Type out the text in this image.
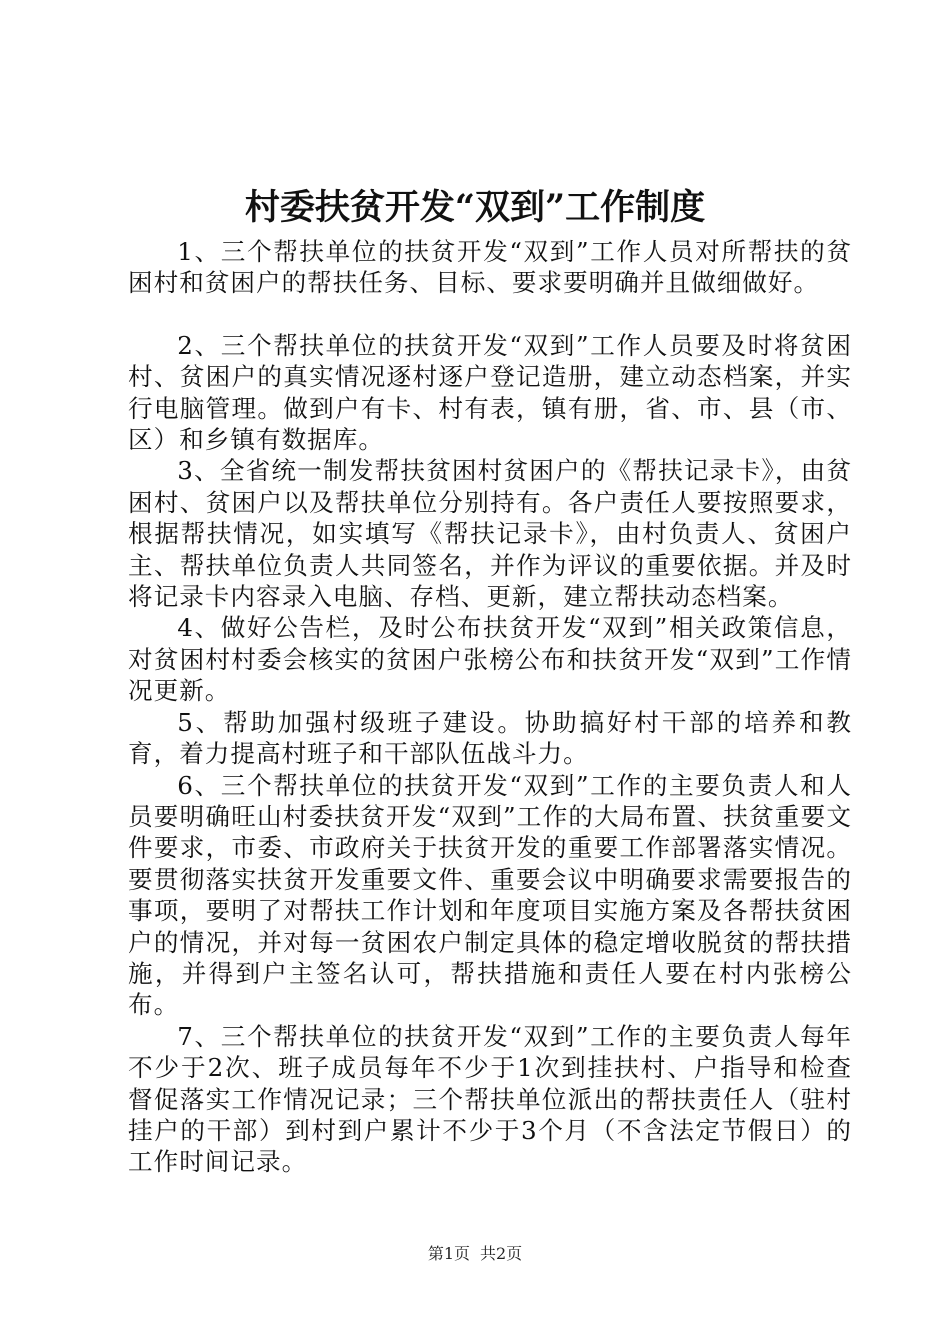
村委扶贫开发“双到”工作制度

1、三个帮扶单位的扶贫开发“双到”工作人员对所帮扶的贫困村和贫困户的帮扶任务、目标、要求要明确并且做细做好。

2、三个帮扶单位的扶贫开发“双到”工作人员要及时将贫困村、贫困户的真实情况逐村逐户登记造册，建立动态档案，并实行电脑管理。做到户有卡、村有表，镇有册，省、市、县（市、区）和乡镇有数据库。

3、全省统一制发帮扶贫困村贫困户的《帮扶记录卡》，由贫困村、贫困户以及帮扶单位分别持有。各户责任人要按照要求，根据帮扶情况，如实填写《帮扶记录卡》，由村负责人、贫困户主、帮扶单位负责人共同签名，并作为评议的重要依据。并及时将记录卡内容录入电脑、存档、更新，建立帮扶动态档案。

4、做好公告栏，及时公布扶贫开发“双到”相关政策信息，对贫困村村委会核实的贫困户张榜公布和扶贫开发“双到”工作情况更新。

5、帮助加强村级班子建设。协助搞好村干部的培养和教育，着力提高村班子和干部队伍战斗力。

6、三个帮扶单位的扶贫开发“双到”工作的主要负责人和人员要明确旺山村委扶贫开发“双到”工作的大局布置、扶贫重要文件要求，市委、市政府关于扶贫开发的重要工作部署落实情况。要贯彻落实扶贫开发重要文件、重要会议中明确要求需要报告的事项，要明了对帮扶工作计划和年度项目实施方案及各帮扶贫困户的情况，并对每一贫困农户制定具体的稳定增收脱贫的帮扶措施，并得到户主签名认可，帮扶措施和责任人要在村内张榜公布。

7、三个帮扶单位的扶贫开发“双到”工作的主要负责人每年不少于2次、班子成员每年不少于1次到挂扶村、户指导和检查督促落实工作情况记录；三个帮扶单位派出的帮扶责任人（驻村挂户的干部）到村到户累计不少于3个月（不含法定节假日）的工作时间记录。

第1页 共2页
